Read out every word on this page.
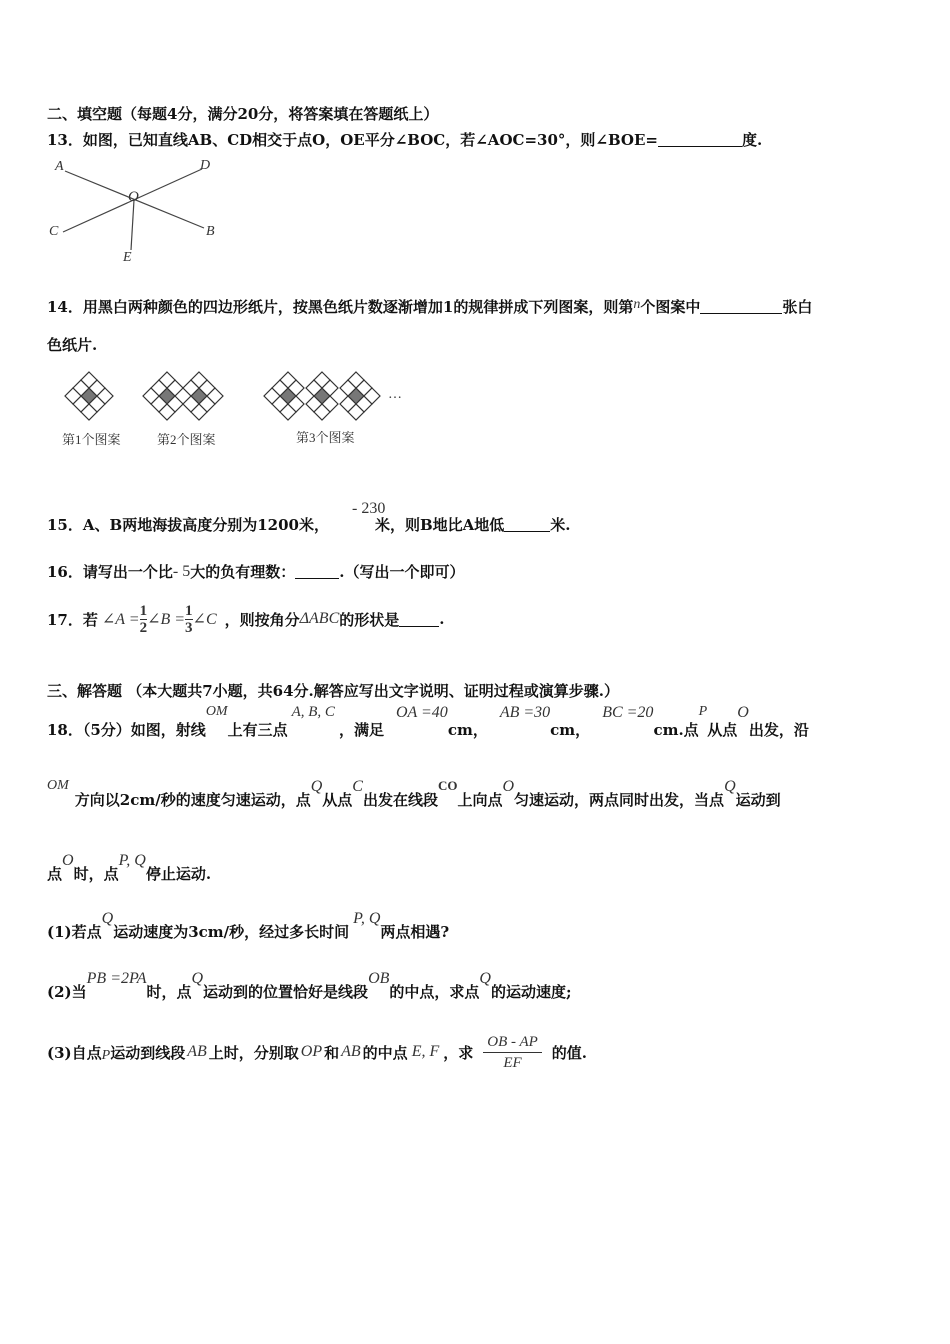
二、填空题（每题4分，满分20分，将答案填在答题纸上）
13．如图，已知直线AB、CD相交于点O，OE平分∠BOC，若∠AOC=30°，则∠BOE=	度.
A	D
O
C	B
E
14．用黑白两种颜色的四边形纸片，按黑色纸片数逐渐增加1的规律拼成下列图案，则第n个图案中	张白
色纸片.
…
第1个图案	第2个图案	第3个图案
- 230
15．A、B两地海拔高度分别为1200米，	米，则B地比A地低	米.
16．请写出一个比- 5大的负有理数：	.（写出一个即可）
17．若 ∠A = $\frac{1}{2}$ ∠B = $\frac{1}{3}$ ∠C ，则按角分 ΔABC 的形状是	.
三、解答题 （本大题共7小题，共64分.解答应写出文字说明、证明过程或演算步骤.）
18．（5分）如图，射线
OM
上有三点
A, B, C
，满足
OA =40
cm，
AB =30
cm，
BC =20
cm.点
P
从点
O
出发，沿
OM
方向以2cm/秒的速度匀速运动，点
Q
从点
C
出发在线段
CO
上向点
O
匀速运动，两点同时出发，当点
Q
运动到
点
O
时，点
P, Q
停止运动.
(1)若点
Q
运动速度为3cm/秒，经过多长时间
P, Q
两点相遇?
(2)当
PB =2PA
时，点
Q
运动到的位置恰好是线段
OB
的中点，求点
Q
的运动速度;
(3)自点 P 运动到线段 AB 上时，分别取 OP 和 AB 的中点 E, F ，求 $\frac{OB - AP}{EF}$ 的值.
